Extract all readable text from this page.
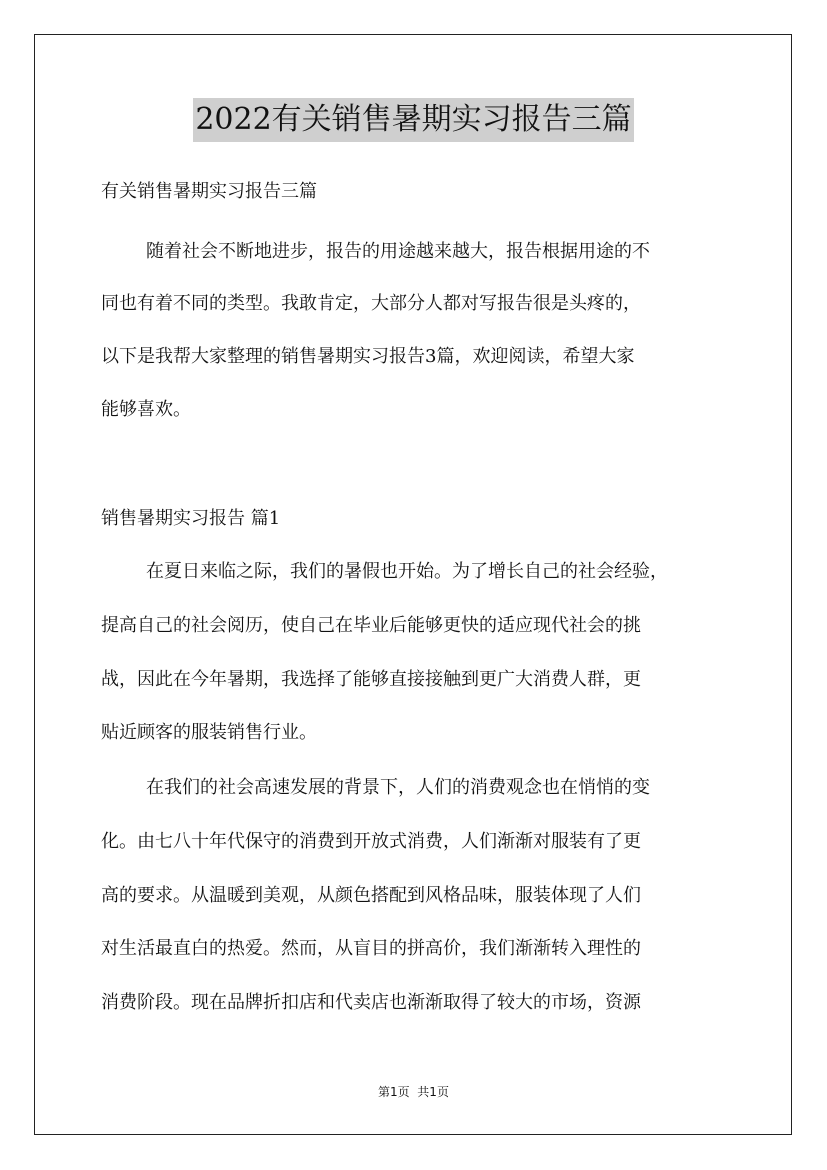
2022有关销售暑期实习报告三篇
有关销售暑期实习报告三篇
随着社会不断地进步，报告的用途越来越大，报告根据用途的不
同也有着不同的类型。我敢肯定，大部分人都对写报告很是头疼的，
以下是我帮大家整理的销售暑期实习报告3篇，欢迎阅读，希望大家
能够喜欢。
销售暑期实习报告 篇1
在夏日来临之际，我们的暑假也开始。为了增长自己的社会经验，
提高自己的社会阅历，使自己在毕业后能够更快的适应现代社会的挑
战，因此在今年暑期，我选择了能够直接接触到更广大消费人群，更
贴近顾客的服装销售行业。
在我们的社会高速发展的背景下，人们的消费观念也在悄悄的变
化。由七八十年代保守的消费到开放式消费，人们渐渐对服装有了更
高的要求。从温暖到美观，从颜色搭配到风格品味，服装体现了人们
对生活最直白的热爱。然而，从盲目的拼高价，我们渐渐转入理性的
消费阶段。现在品牌折扣店和代卖店也渐渐取得了较大的市场，资源
第1页  共1页
